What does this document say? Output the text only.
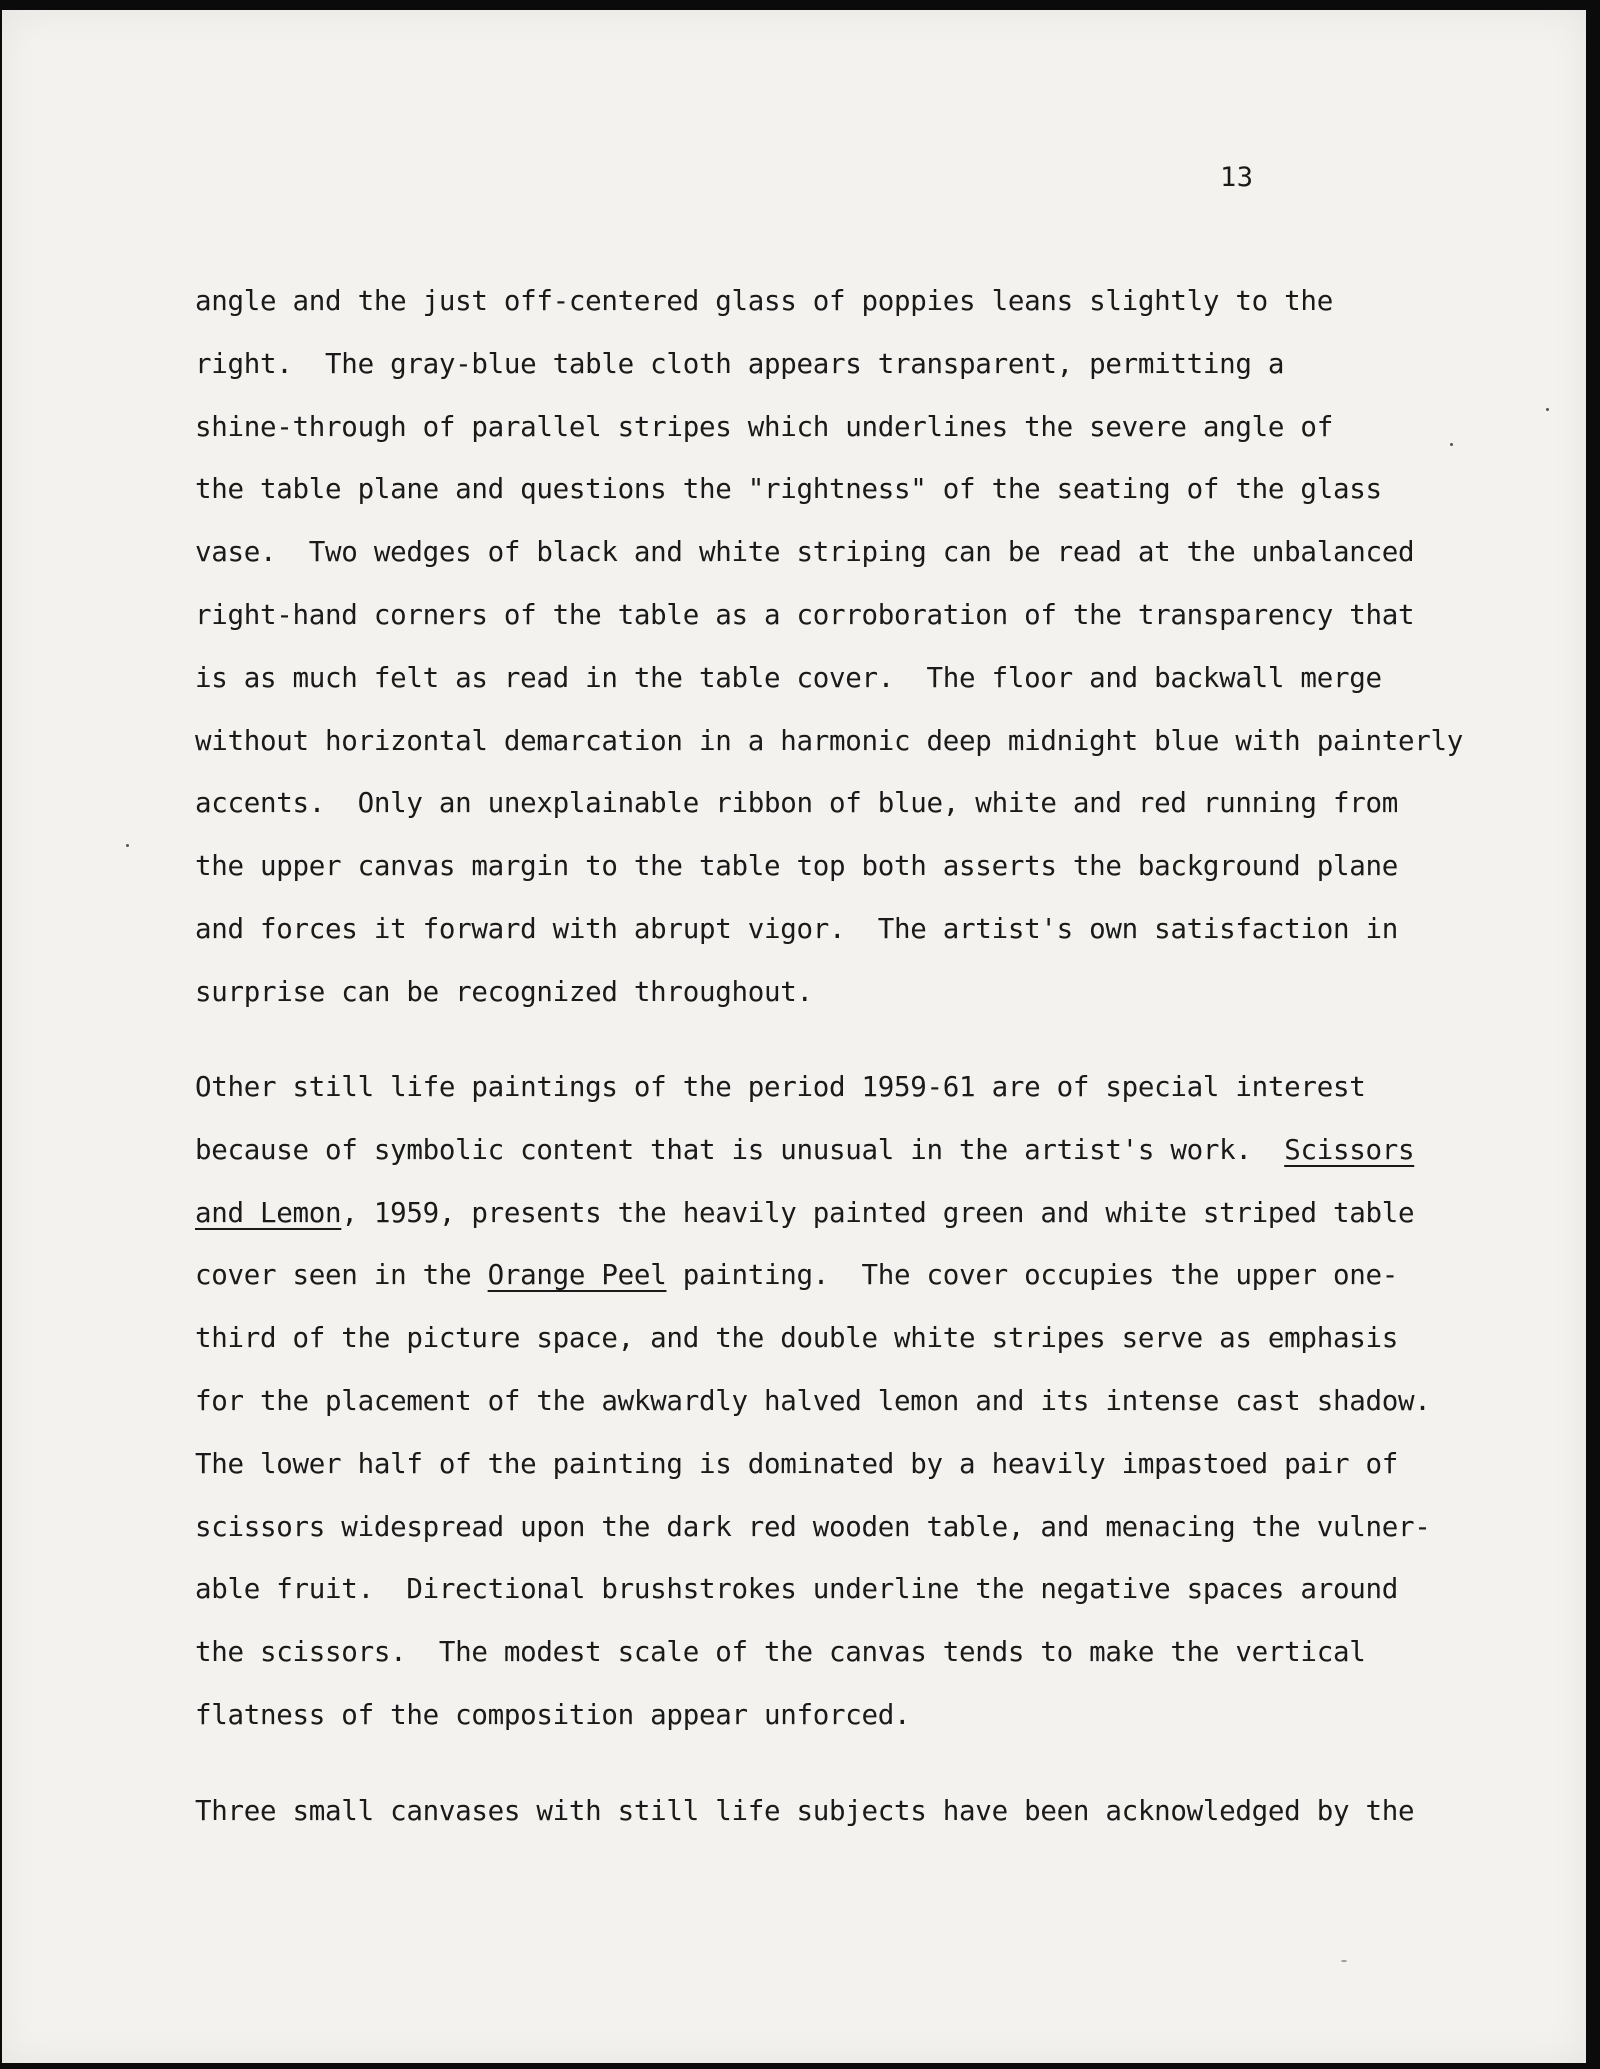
13
angle and the just off-centered glass of poppies leans slightly to the
right.  The gray-blue table cloth appears transparent, permitting a
shine-through of parallel stripes which underlines the severe angle of
the table plane and questions the "rightness" of the seating of the glass
vase.  Two wedges of black and white striping can be read at the unbalanced
right-hand corners of the table as a corroboration of the transparency that
is as much felt as read in the table cover.  The floor and backwall merge
without horizontal demarcation in a harmonic deep midnight blue with painterly
accents.  Only an unexplainable ribbon of blue, white and red running from
the upper canvas margin to the table top both asserts the background plane
and forces it forward with abrupt vigor.  The artist's own satisfaction in
surprise can be recognized throughout.
Other still life paintings of the period 1959-61 are of special interest
because of symbolic content that is unusual in the artist's work.  Scissors
and Lemon, 1959, presents the heavily painted green and white striped table
cover seen in the Orange Peel painting.  The cover occupies the upper one-
third of the picture space, and the double white stripes serve as emphasis
for the placement of the awkwardly halved lemon and its intense cast shadow.
The lower half of the painting is dominated by a heavily impastoed pair of
scissors widespread upon the dark red wooden table, and menacing the vulner-
able fruit.  Directional brushstrokes underline the negative spaces around
the scissors.  The modest scale of the canvas tends to make the vertical
flatness of the composition appear unforced.
Three small canvases with still life subjects have been acknowledged by the
